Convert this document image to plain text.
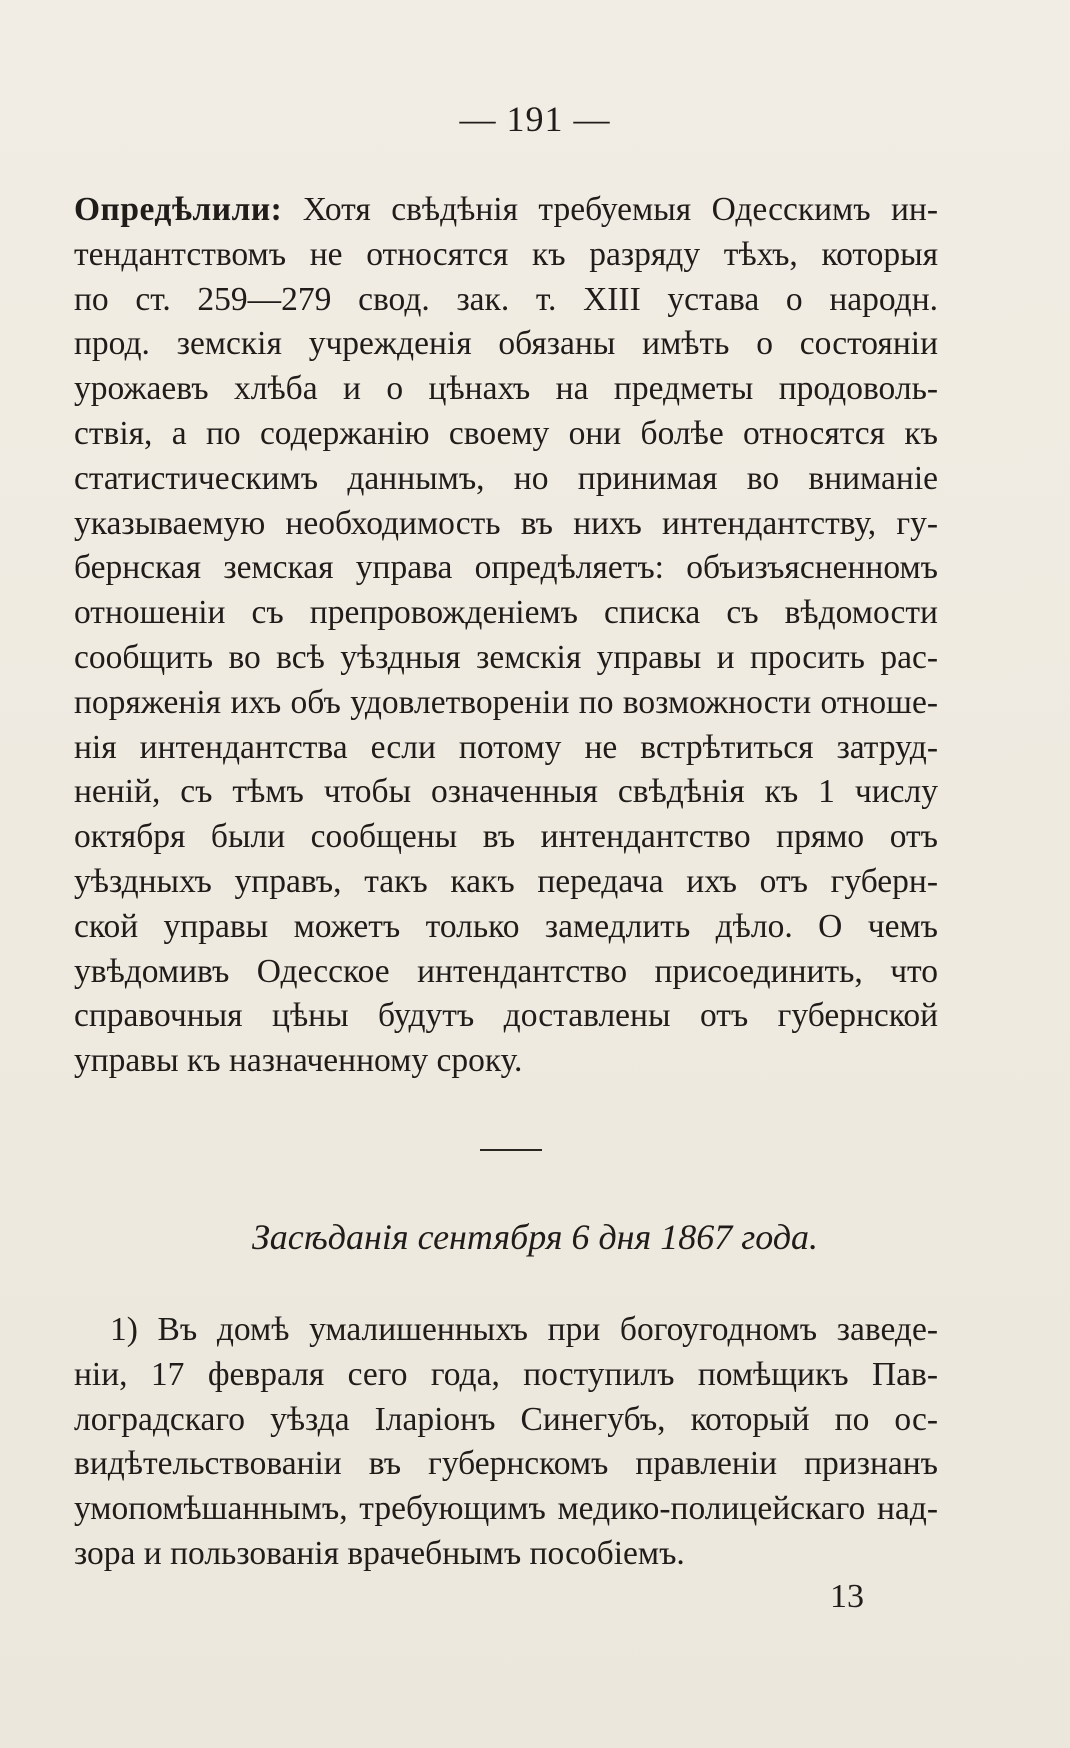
— 191 —
Опредѣлили: Хотя свѣдѣнія требуемыя Одесскимъ ин-
тендантствомъ не относятся къ разряду тѣхъ, которыя
по ст. 259—279 свод. зак. т. XIII устава о народн.
прод. земскія учрежденія обязаны имѣть о состояніи
урожаевъ хлѣба и о цѣнахъ на предметы продоволь-
ствія, а по содержанію своему они болѣе относятся къ
статистическимъ даннымъ, но принимая во вниманіе
указываемую необходимость въ нихъ интендантству, гу-
бернская земская управа опредѣляетъ: объизъясненномъ
отношеніи съ препровожденіемъ списка съ вѣдомости
сообщить во всѣ уѣздныя земскія управы и просить рас-
поряженія ихъ объ удовлетвореніи по возможности отноше-
нія интендантства если потому не встрѣтиться затруд-
неній, съ тѣмъ чтобы означенныя свѣдѣнія къ 1 числу
октября были сообщены въ интендантство прямо отъ
уѣздныхъ управъ, такъ какъ передача ихъ отъ губерн-
ской управы можетъ только замедлить дѣло. О чемъ
увѣдомивъ Одесское интендантство присоединить, что
справочныя цѣны будутъ доставлены отъ губернской
управы къ назначенному сроку.
Засѣданія сентября 6 дня 1867 года.
1) Въ домѣ умалишенныхъ при богоугодномъ заведе-
ніи, 17 февраля сего года, поступилъ помѣщикъ Пав-
лоградскаго уѣзда Іларіонъ Синегубъ, который по ос-
видѣтельствованіи въ губернскомъ правленіи признанъ
умопомѣшаннымъ, требующимъ медико-полицейскаго над-
зора и пользованія врачебнымъ пособіемъ.
13
